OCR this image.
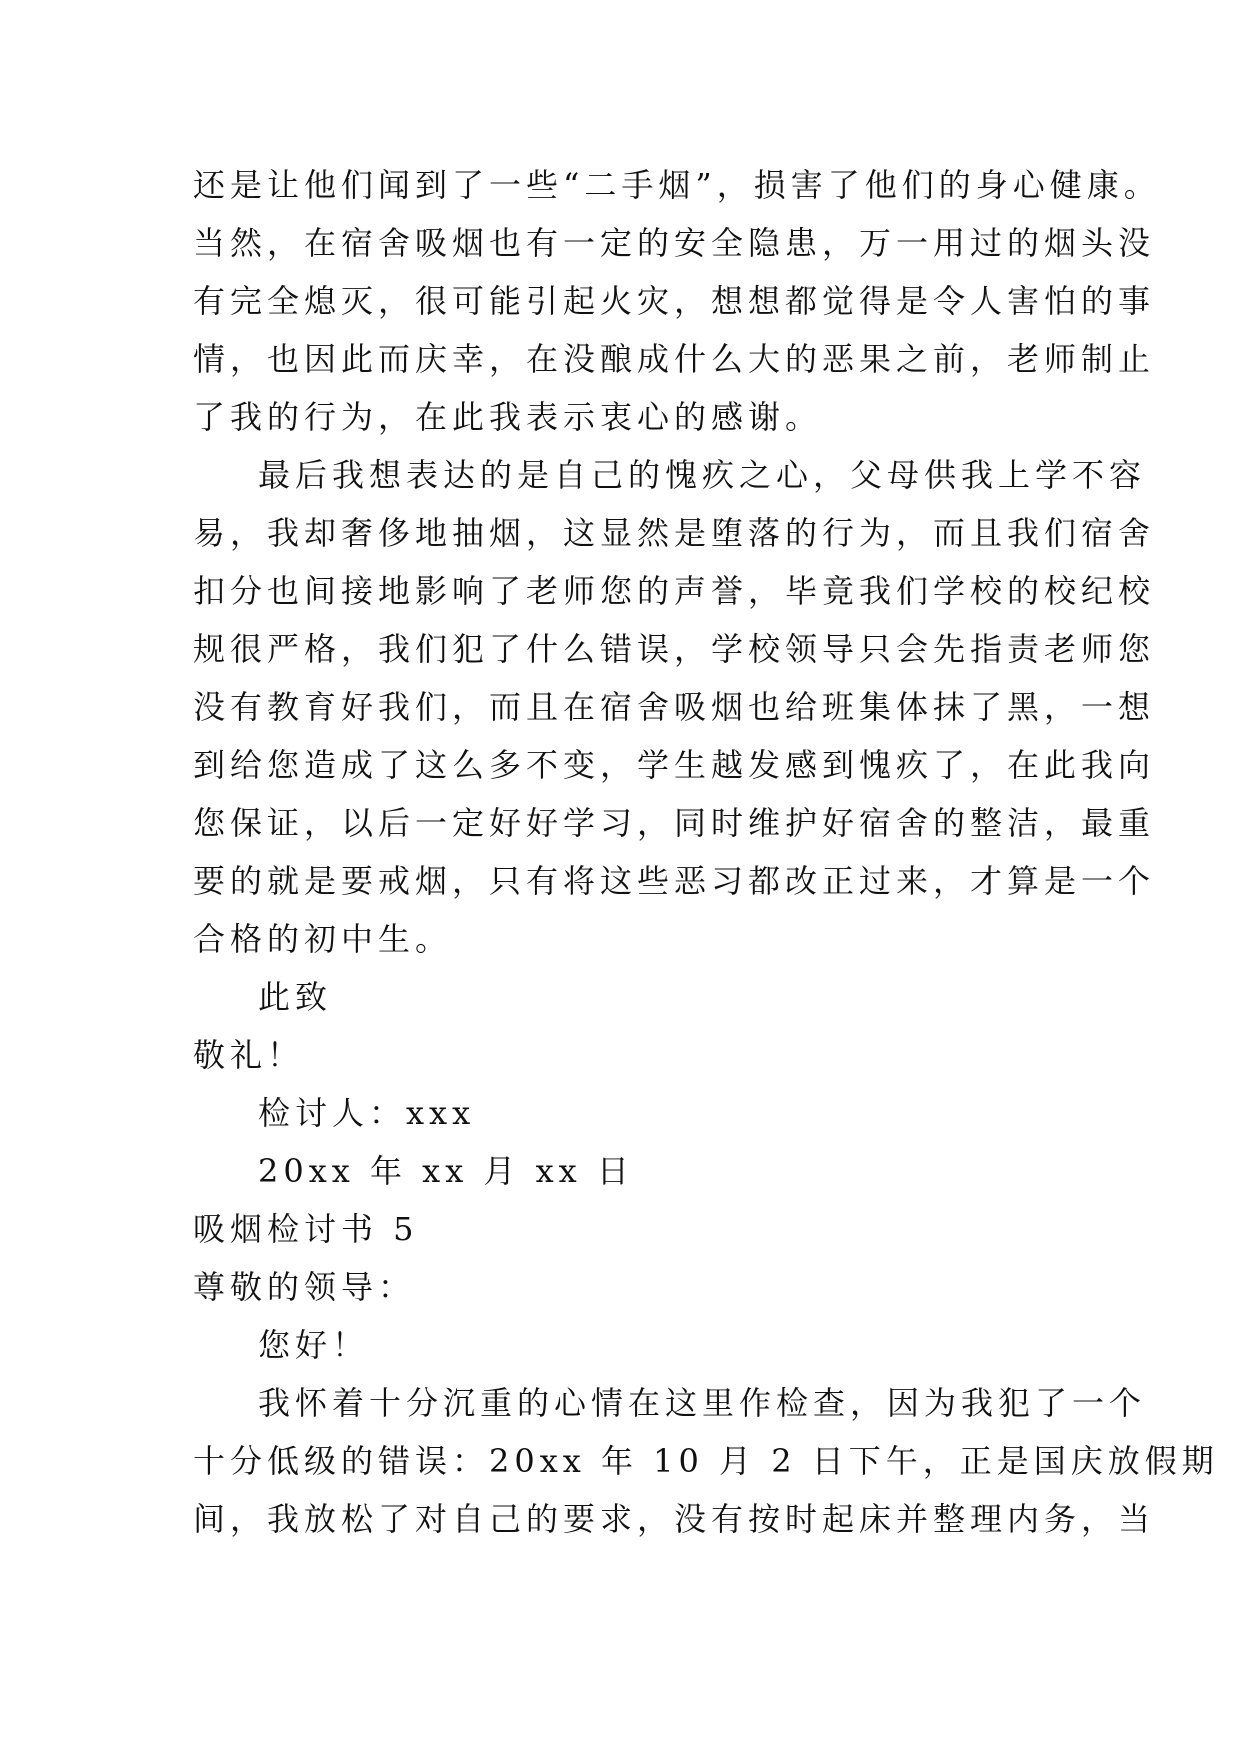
还是让他们闻到了一些“二手烟”，损害了他们的身心健康。
当然，在宿舍吸烟也有一定的安全隐患，万一用过的烟头没
有完全熄灭，很可能引起火灾，想想都觉得是令人害怕的事
情，也因此而庆幸，在没酿成什么大的恶果之前，老师制止
了我的行为，在此我表示衷心的感谢。
最后我想表达的是自己的愧疚之心，父母供我上学不容
易，我却奢侈地抽烟，这显然是堕落的行为，而且我们宿舍
扣分也间接地影响了老师您的声誉，毕竟我们学校的校纪校
规很严格，我们犯了什么错误，学校领导只会先指责老师您
没有教育好我们，而且在宿舍吸烟也给班集体抹了黑，一想
到给您造成了这么多不变，学生越发感到愧疚了，在此我向
您保证，以后一定好好学习，同时维护好宿舍的整洁，最重
要的就是要戒烟，只有将这些恶习都改正过来，才算是一个
合格的初中生。
此致
敬礼！
检讨人：xxx
20xx 年 xx 月 xx 日
吸烟检讨书 5
尊敬的领导：
您好！
我怀着十分沉重的心情在这里作检查，因为我犯了一个
十分低级的错误：20xx 年 10 月 2 日下午，正是国庆放假期
间，我放松了对自己的要求，没有按时起床并整理内务，当
